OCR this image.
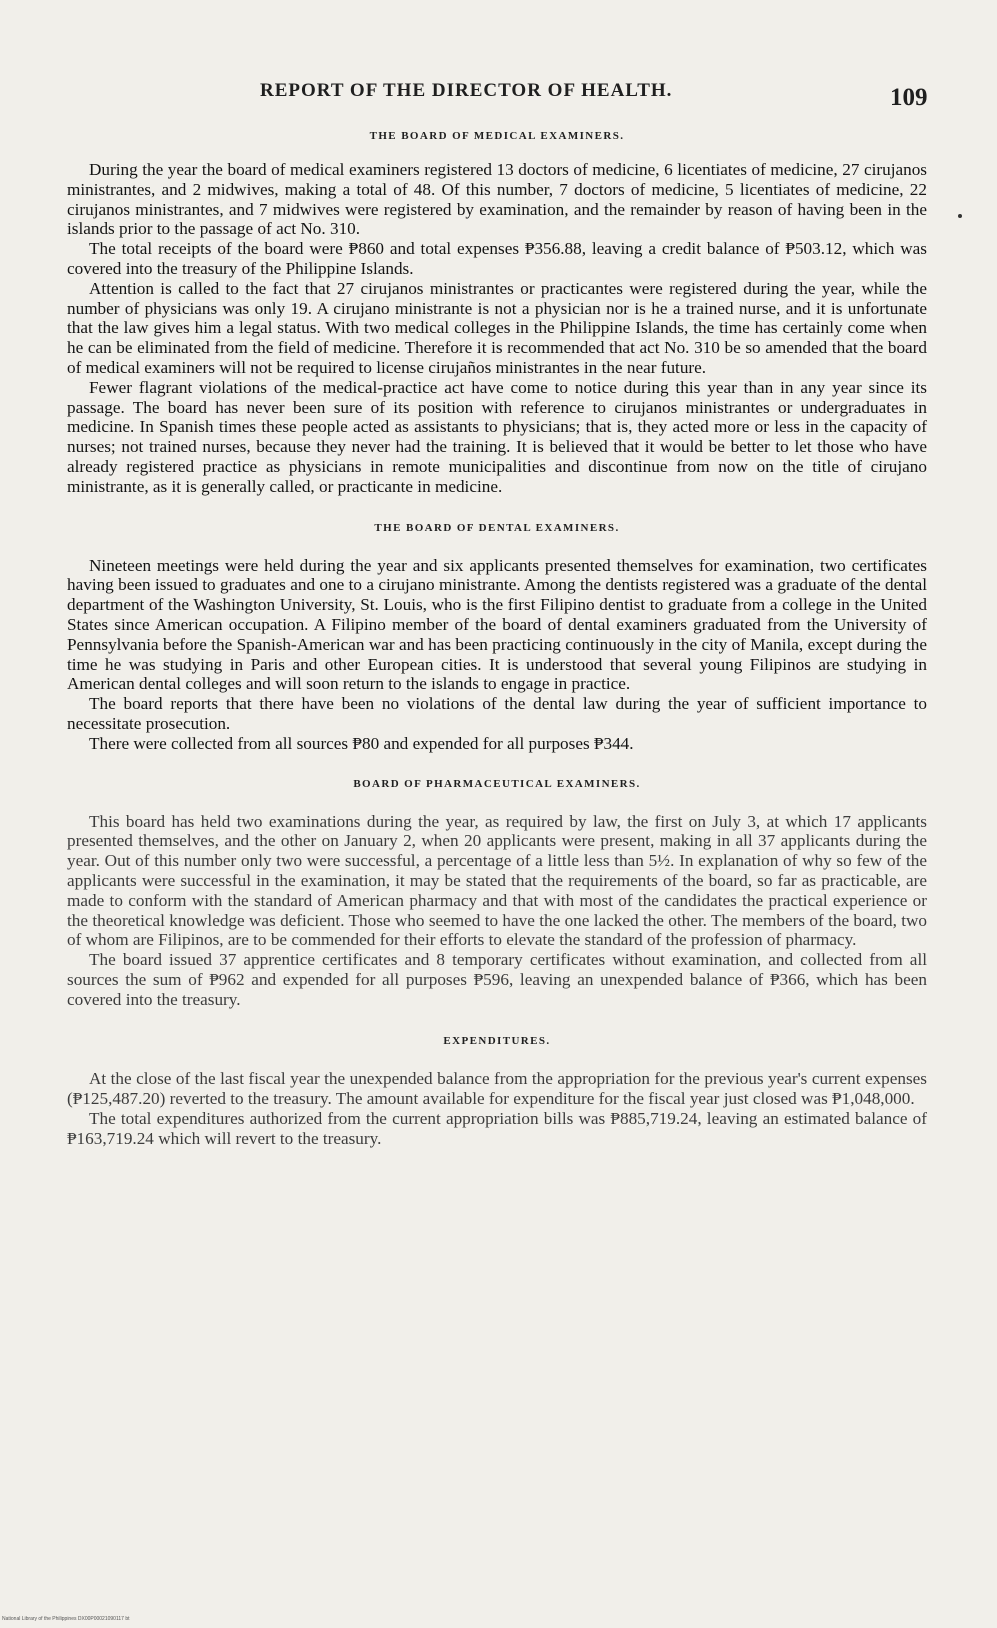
REPORT OF THE DIRECTOR OF HEALTH.	109
THE BOARD OF MEDICAL EXAMINERS.

During the year the board of medical examiners registered 13 doctors of medicine, 6 licentiates of medicine, 27 cirujanos ministrantes, and 2 midwives, making a total of 48. Of this number, 7 doctors of medicine, 5 licentiates of medicine, 22 cirujanos ministrantes, and 7 midwives were registered by examination, and the remainder by reason of having been in the islands prior to the passage of act No. 310.

The total receipts of the board were ₱860 and total expenses ₱356.88, leaving a credit balance of ₱503.12, which was covered into the treasury of the Philippine Islands.

Attention is called to the fact that 27 cirujanos ministrantes or practicantes were registered during the year, while the number of physicians was only 19. A cirujano ministrante is not a physician nor is he a trained nurse, and it is unfortunate that the law gives him a legal status. With two medical colleges in the Philippine Islands, the time has certainly come when he can be eliminated from the field of medicine. Therefore it is recommended that act No. 310 be so amended that the board of medical examiners will not be required to license cirujaños ministrantes in the near future.

Fewer flagrant violations of the medical-practice act have come to notice during this year than in any year since its passage. The board has never been sure of its position with reference to cirujanos ministrantes or undergraduates in medicine. In Spanish times these people acted as assistants to physicians; that is, they acted more or less in the capacity of nurses; not trained nurses, because they never had the training. It is believed that it would be better to let those who have already registered practice as physicians in remote municipalities and discontinue from now on the title of cirujano ministrante, as it is generally called, or practicante in medicine.

THE BOARD OF DENTAL EXAMINERS.

Nineteen meetings were held during the year and six applicants presented themselves for examination, two certificates having been issued to graduates and one to a cirujano ministrante. Among the dentists registered was a graduate of the dental department of the Washington University, St. Louis, who is the first Filipino dentist to graduate from a college in the United States since American occupation. A Filipino member of the board of dental examiners graduated from the University of Pennsylvania before the Spanish-American war and has been practicing continuously in the city of Manila, except during the time he was studying in Paris and other European cities. It is understood that several young Filipinos are studying in American dental colleges and will soon return to the islands to engage in practice.

The board reports that there have been no violations of the dental law during the year of sufficient importance to necessitate prosecution.

There were collected from all sources ₱80 and expended for all purposes ₱344.

BOARD OF PHARMACEUTICAL EXAMINERS.

This board has held two examinations during the year, as required by law, the first on July 3, at which 17 applicants presented themselves, and the other on January 2, when 20 applicants were present, making in all 37 applicants during the year. Out of this number only two were successful, a percentage of a little less than 5½. In explanation of why so few of the applicants were successful in the examination, it may be stated that the requirements of the board, so far as practicable, are made to conform with the standard of American pharmacy and that with most of the candidates the practical experience or the theoretical knowledge was deficient. Those who seemed to have the one lacked the other. The members of the board, two of whom are Filipinos, are to be commended for their efforts to elevate the standard of the profession of pharmacy.

The board issued 37 apprentice certificates and 8 temporary certificates without examination, and collected from all sources the sum of ₱962 and expended for all purposes ₱596, leaving an unexpended balance of ₱366, which has been covered into the treasury.

EXPENDITURES.

At the close of the last fiscal year the unexpended balance from the appropriation for the previous year's current expenses (₱125,487.20) reverted to the treasury. The amount available for expenditure for the fiscal year just closed was ₱1,048,000.

The total expenditures authorized from the current appropriation bills was ₱885,719.24, leaving an estimated balance of ₱163,719.24 which will revert to the treasury.

National Library of the Philippines DX00P00021090117 bt
